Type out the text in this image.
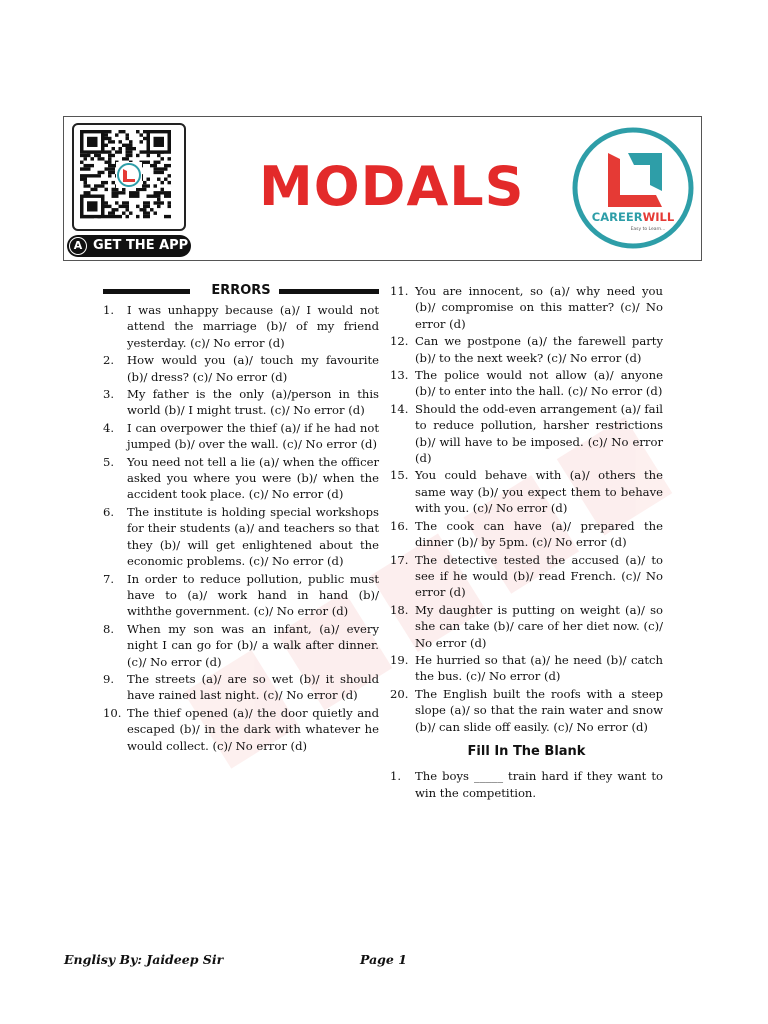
A GET THE APP
MODALS	CAREERWILL
Easy to Learn...
ERRORS
1.	I was unhappy because (a)/ I would not attend the marriage (b)/ of my friend yesterday. (c)/ No error (d)
2.	How would you (a)/ touch my favourite (b)/ dress? (c)/ No error (d)
3.	My father is the only (a)/person in this world (b)/ I might trust. (c)/ No error (d)
4.	I can overpower the thief (a)/ if he had not jumped (b)/ over the wall. (c)/ No error (d)
5.	You need not tell a lie (a)/ when the officer asked you where you were (b)/ when the accident took place. (c)/ No error (d)
6.	The institute is holding special workshops for their students (a)/ and teachers so that they (b)/ will get enlightened about the economic problems. (c)/ No error (d)
7.	In order to reduce pollution, public must have to (a)/ work hand in hand (b)/ withthe government. (c)/ No error (d)
8.	When my son was an infant, (a)/ every night I can go for (b)/ a walk after dinner. (c)/ No error (d)
9.	The streets (a)/ are so wet (b)/ it should have rained last night. (c)/ No error (d)
10. The thief opened (a)/ the door quietly and escaped (b)/ in the dark with whatever he would collect. (c)/ No error (d)
11. You are innocent, so (a)/ why need you (b)/ compromise on this matter? (c)/ No error (d)
12. Can we postpone (a)/ the farewell party (b)/ to the next week? (c)/ No error (d)
13. The police would not allow (a)/ anyone (b)/ to enter into the hall. (c)/ No error (d)
14. Should the odd-even arrangement (a)/ fail to reduce pollution, harsher restrictions (b)/ will have to be imposed. (c)/ No error (d)
15. You could behave with (a)/ others the same way (b)/ you expect them to behave with you. (c)/ No error (d)
16. The cook can have (a)/ prepared the dinner (b)/ by 5pm. (c)/ No error (d)
17. The detective tested the accused (a)/ to see if he would (b)/ read French. (c)/ No error (d)
18. My daughter is putting on weight (a)/ so she can take (b)/ care of her diet now. (c)/ No error (d)
19. He hurried so that (a)/ he need (b)/ catch the bus. (c)/ No error (d)
20. The English built the roofs with a steep slope (a)/ so that the rain water and snow (b)/ can slide off easily. (c)/ No error (d)
Fill In The Blank
1.	The boys _____ train hard if they want to win the competition.
Englisy By: Jaideep Sir	Page 1
